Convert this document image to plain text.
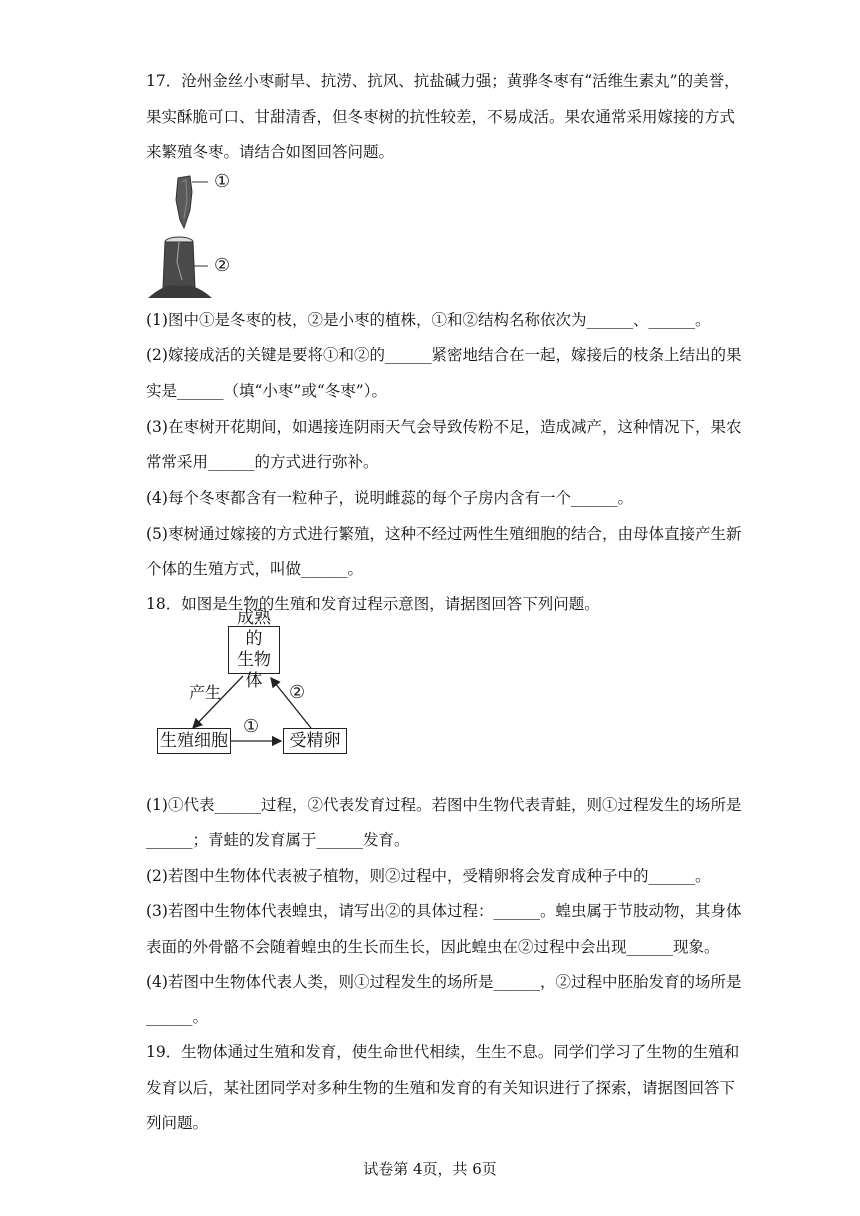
17．沧州金丝小枣耐旱、抗涝、抗风、抗盐碱力强；黄骅冬枣有“活维生素丸”的美誉，
果实酥脆可口、甘甜清香，但冬枣树的抗性较差，不易成活。果农通常采用嫁接的方式
来繁殖冬枣。请结合如图回答问题。
①
②
(1)图中①是冬枣的枝，②是小枣的植株，①和②结构名称依次为______、______。
(2)嫁接成活的关键是要将①和②的______紧密地结合在一起，嫁接后的枝条上结出的果
实是______（填“小枣”或“冬枣”）。
(3)在枣树开花期间，如遇接连阴雨天气会导致传粉不足，造成减产，这种情况下，果农
常常采用______的方式进行弥补。
(4)每个冬枣都含有一粒种子，说明雌蕊的每个子房内含有一个______。
(5)枣树通过嫁接的方式进行繁殖，这种不经过两性生殖细胞的结合，由母体直接产生新
个体的生殖方式，叫做______。
18．如图是生物的生殖和发育过程示意图，请据图回答下列问题。
成熟的
生物体
生殖细胞	受精卵
产生
①
②
(1)①代表______过程，②代表发育过程。若图中生物代表青蛙，则①过程发生的场所是
______；青蛙的发育属于______发育。
(2)若图中生物体代表被子植物，则②过程中，受精卵将会发育成种子中的______。
(3)若图中生物体代表蝗虫，请写出②的具体过程：______。蝗虫属于节肢动物，其身体
表面的外骨骼不会随着蝗虫的生长而生长，因此蝗虫在②过程中会出现______现象。
(4)若图中生物体代表人类，则①过程发生的场所是______，②过程中胚胎发育的场所是
______。
19．生物体通过生殖和发育，使生命世代相续，生生不息。同学们学习了生物的生殖和
发育以后，某社团同学对多种生物的生殖和发育的有关知识进行了探索，请据图回答下
列问题。
试卷第 4页，共 6页
